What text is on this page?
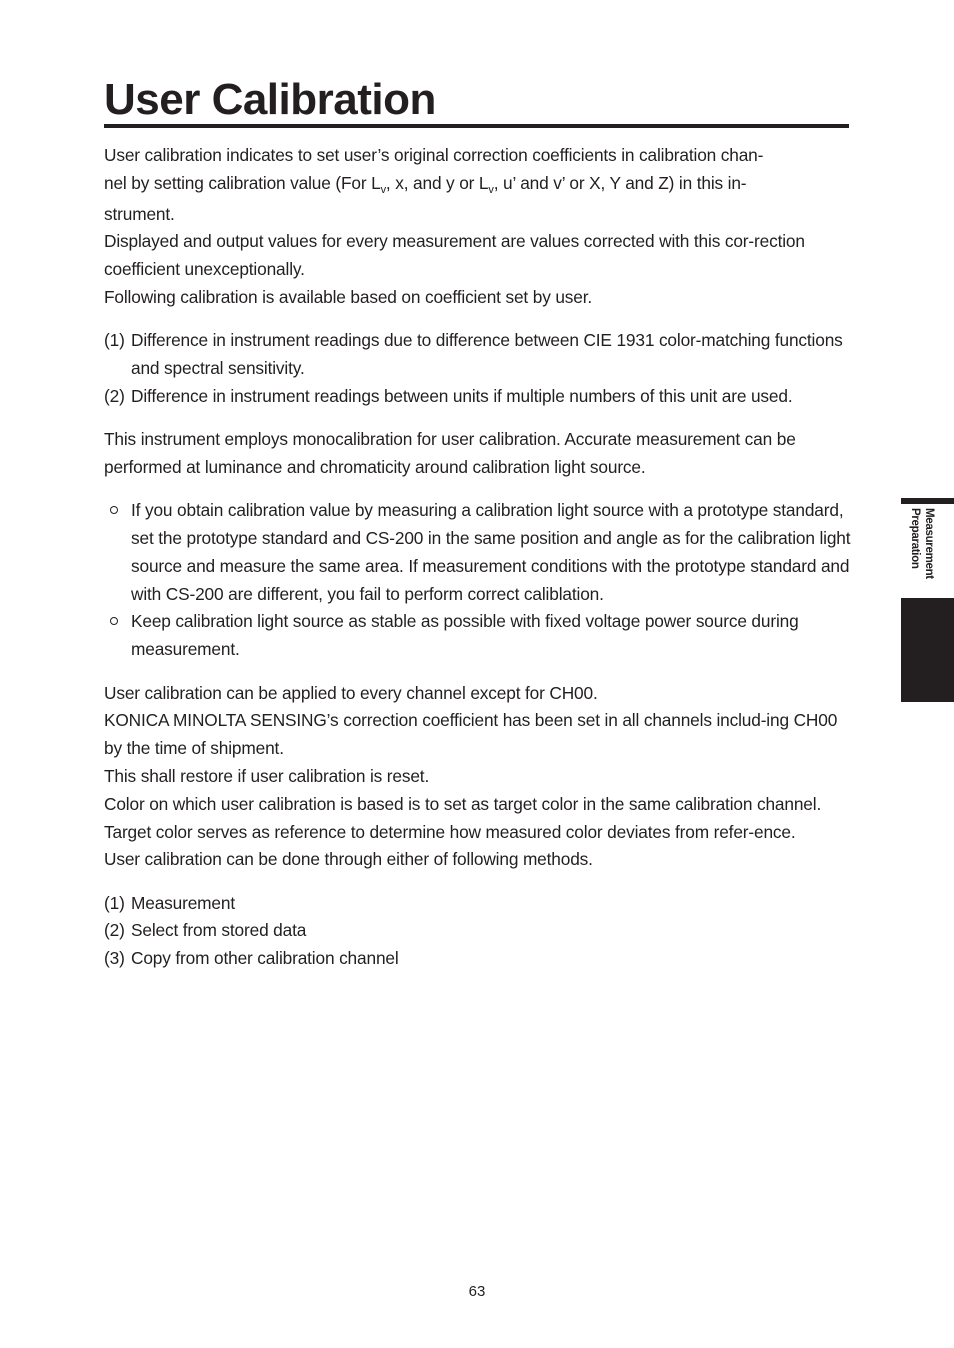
User Calibration

User calibration indicates to set user’s original correction coefficients in calibration chan-
nel by setting calibration value (For $L_v$, x, and y or $L_v$, u’ and v’ or X, Y and Z) in this in-
strument.

Displayed and output values for every measurement are values corrected with this cor-rection coefficient unexceptionally.

Following calibration is available based on coefficient set by user.

(1) Difference in instrument readings due to difference between CIE 1931 color-matching functions and spectral sensitivity.
(2) Difference in instrument readings between units if multiple numbers of this unit are used.

This instrument employs monocalibration for user calibration. Accurate measurement can be performed at luminance and chromaticity around calibration light source.

If you obtain calibration value by measuring a calibration light source with a prototype standard, set the prototype standard and CS-200 in the same position and angle as for the calibration light source and measure the same area. If measurement conditions with the prototype standard and with CS-200 are different, you fail to perform correct caliblation.
Keep calibration light source as stable as possible with fixed voltage power source during measurement.

User calibration can be applied to every channel except for CH00.

KONICA MINOLTA SENSING’s correction coefficient has been set in all channels includ-ing CH00 by the time of shipment.

This shall restore if user calibration is reset.

Color on which user calibration is based is to set as target color in the same calibration channel.

Target color serves as reference to determine how measured color deviates from refer-ence.

User calibration can be done through either of following methods.

(1) Measurement
(2) Select from stored data
(3) Copy from other calibration channel
Measurement
Preparation
63
